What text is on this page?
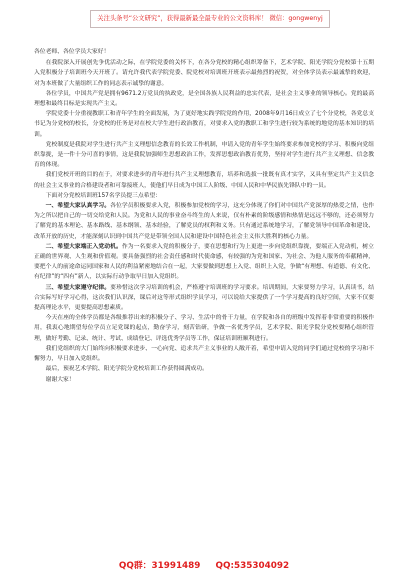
关注头条号“公文研究”，获得最新最全最专业的公文资料库！ 微信：gongwenyj

各位老师、各位学员大家好！

在我院深入开展创先争优活动之际，在学院党委的关怀下，在各分党校的精心组织筹备下，艺术学院、阳光学院分党校第十五期入党积极分子培训班今天开班了。请允许我代表学院党委、院党校对培训班开班表示最热烈的祝贺，对全体学员表示最诚挚的欢迎，对为本班做了大量组织工作的同志表示诚挚的谢意。

各位学员，中国共产党是拥有9671.2万党员的执政党，是全国各族人民利益的忠实代表，是社会主义事业的领导核心。党的最高理想和最终目标是实现共产主义。

学院党委十分重视教职工和青年学生的全面发展，为了更好地实践学院党的作用，2008年9月16日成立了七个分党校，各党总支书记为分党校的校长，分党校的任务是对在校大学生进行政治教育，对要求入党的教职工和学生进行较为系统的地党的基本知识的培训。

党校制度是我院对学生进行共产主义理想信念教育的长效工作机制，申请入党的青年学生始终要求参加党校的学习、积极向党组织靠拢，是一件十分可喜的事情，这是我院加强师生思想政治工作，发挥思想政治教育优势，坚持对学生进行共产主义理想、信念教育的体现。

我们党校开班的目的在于，对要求进步的青年进行共产主义理想教育，培养和选拔一批既有真才实学，又具有坚定共产主义信念的社会主义事业的合格建设者和可靠接班人，使他们早日成为中国工人阶级、中国人民和中华民族先锋队中的一员。

下面对分党校培训班157名学员提三点希望：

一、希望大家认真学习。各位学员积极要求入党，积极参加党校的学习，这充分体现了你们对中国共产党深厚的热爱之情，也作为之所以把自己的一切交给党和人民。为党和人民的事业奋斗终生的人来说，仅有朴素的阶级感情和热情是远远不够的，还必须努力了解党的基本理论、基本路线、基本纲领、基本经验，了解党员的权利和义务。只有通过系统地学习，了解党领导中国革命和建设、改革开放的历史，才能深刻认识到中国共产党是带领全国人民和建设中国特色社会主义伟大胜利的核心力量。

二、希望大家端正入党动机。作为一名要求入党的积极分子，要在思想和行为上更进一步向党组织靠拢，要端正入党动机，树立正确的世界观、人生观和价值观。要具备强烈的社会责任感和时代使命感，有较强的为党和国家、为社会、为他人服务的奉献精神，要把个人的前途命运同国家和人民的利益紧密地结合在一起，大家要做到思想上入党、组织上入党，争做“有理想、有道德、有文化、有纪律”的“四有”新人，以实际行动争取早日加入党组织。

三、希望大家遵守纪律。要珍惜这次学习培训的机会，严格遵守培训班的学习要求。培训期间，大家要努力学习，认真读书，结合实际写好学习心得，这次我们认识深，课后对这等形式组织学员学习，可以说给大家提供了一个学习提高的良好空间，大家不仅要提高理论水平，更要提高思想素质。

今天在座的全体学员都是各级推荐出来的积极分子、学习、生活中的骨干力量，在学院和各自的班级中发挥着非常重要的积极作用，我衷心地期望每位学员立足党课的起点，勤奋学习，刻苦钻研，争做一名优秀学员，艺术学院、阳光学院分党校要精心组织管理，做好考勤、记录、统计、考试、成绩登记、评选优秀学员等工作，保证培训班顺利进行。

我们党组织的大门始终向积极要求进步、一心向党、追求共产主义事业的人敞开着，希望申请入党的同学们通过党校的学习和不懈努力，早日加入党组织。

最后，预祝艺术学院、阳光学院分党校培训工作获得圆满成功。

谢谢大家！

QQ群：31991489 QQ:535304092
